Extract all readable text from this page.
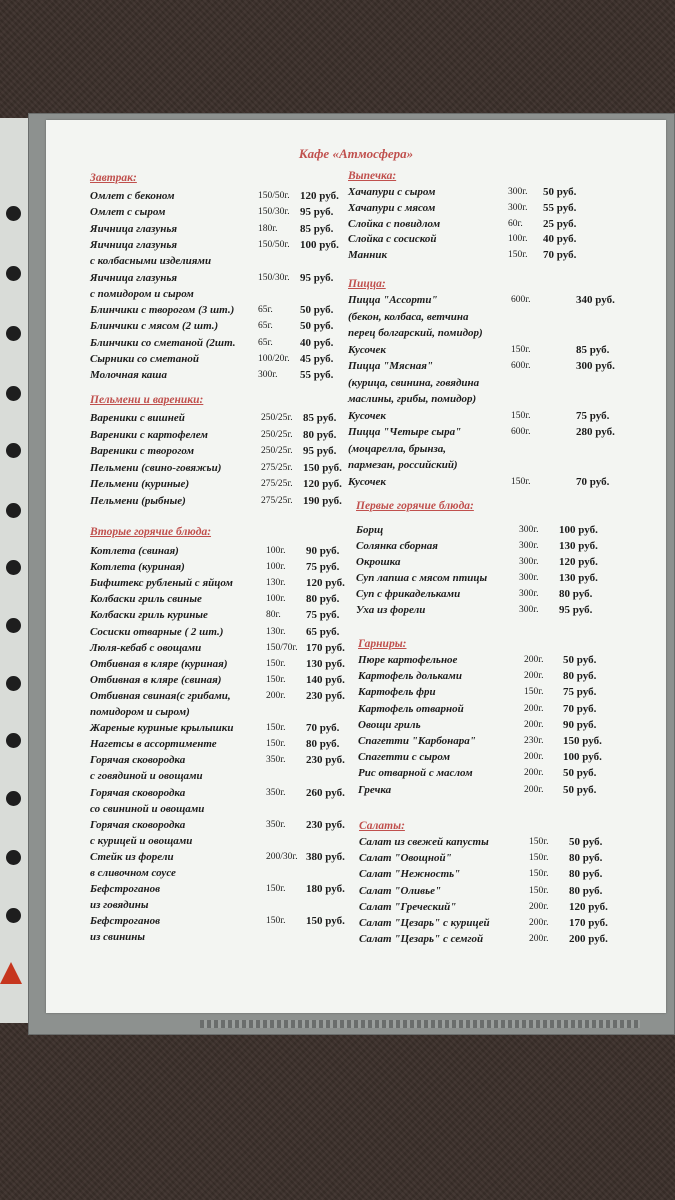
Кафе «Атмосфера»
Завтрак:
Омлет с беконом	150/50г. 120 руб.
Омлет с сыром	150/30г. 95 руб.
Яичница глазунья	180г. 85 руб.
Яичница глазунья	150/50г. 100 руб.
с колбасными изделиями
Яичница глазунья	150/30г. 95 руб.
с помидором и сыром
Блинчики с творогом (3 шт.) 65г. 50 руб.
Блинчики с мясом (2 шт.)	65г. 50 руб.
Блинчики со сметаной (2шт. 65г. 40 руб.
Сырники со сметаной	100/20г. 45 руб.
Молочная каша	300г. 55 руб.
Пельмени и вареники:
Вареники с вишней	250/25г. 85 руб.
Вареники с картофелем	250/25г. 80 руб.
Вареники с творогом	250/25г. 95 руб.
Пельмени (свино-говяжьи)	275/25г. 150 руб.
Пельмени (куриные)	275/25г. 120 руб.
Пельмени (рыбные)	275/25г. 190 руб.
Вторые горячие блюда:
Котлета (свиная)	100г. 90 руб.
Котлета (куриная)	100г. 75 руб.
Бифштекс рубленый с яйцом	130г. 120 руб.
Колбаски гриль свиные	100г. 80 руб.
Колбаски гриль куриные	80г. 75 руб.
Сосиски отварные ( 2 шт.)	130г. 65 руб.
Люля-кебаб с овощами	150/70г. 170 руб.
Отбивная в кляре (куриная)	150г. 130 руб.
Отбивная в кляре (свиная)	150г. 140 руб.
Отбивная свиная(с грибами,	200г. 230 руб.
помидором и сыром)
Жареные куриные крылышки	150г. 70 руб.
Нагетсы в ассортименте	150г. 80 руб.
Горячая сковородка	350г. 230 руб.
с говядиной и овощами
Горячая сковородка	350г. 260 руб.
со свининой и овощами
Горячая сковородка	350г. 230 руб.
с курицей и овощами
Стейк из форели	200/30г. 380 руб.
в сливочном соусе
Бефстроганов	150г. 180 руб.
из говядины
Бефстроганов	150г. 150 руб.
из свинины
Выпечка:
Хачапури с сыром	300г. 50 руб.
Хачапури с мясом	300г. 55 руб.
Слойка с повидлом	60г. 25 руб.
Слойка с сосиской	100г. 40 руб.
Манник	150г. 70 руб.
Пицца:
Пицца "Ассорти"	600г.	340 руб.
(бекон, колбаса, ветчина
перец болгарский, помидор)
Кусочек	150г.	85 руб.
Пицца "Мясная"	600г.	300 руб.
(курица, свинина, говядина
маслины, грибы, помидор)
Кусочек	150г.	75 руб.
Пицца "Четыре сыра"	600г.	280 руб.
(моцарелла, брынза,
пармезан, российский)
Кусочек	150г.	70 руб.
Первые горячие блюда:
Борщ	300г. 100 руб.
Солянка сборная	300г. 130 руб.
Окрошка	300г. 120 руб.
Суп лапша с мясом птицы	300г. 130 руб.
Суп с фрикадельками	300г. 80 руб.
Уха из форели	300г. 95 руб.
Гарниры:
Пюре картофельное	200г. 50 руб.
Картофель дольками	200г. 80 руб.
Картофель фри	150г. 75 руб.
Картофель отварной	200г. 70 руб.
Овощи гриль	200г. 90 руб.
Спагетти "Карбонара"	230г. 150 руб.
Спагетти с сыром	200г. 100 руб.
Рис отварной с маслом	200г. 50 руб.
Гречка	200г. 50 руб.
Салаты:
Салат из свежей капусты	150г. 50 руб.
Салат "Овощной"	150г. 80 руб.
Салат "Нежность"	150г. 80 руб.
Салат "Оливье"	150г. 80 руб.
Салат "Греческий"	200г. 120 руб.
Салат "Цезарь" с курицей	200г. 170 руб.
Салат "Цезарь" с семгой	200г. 200 руб.
